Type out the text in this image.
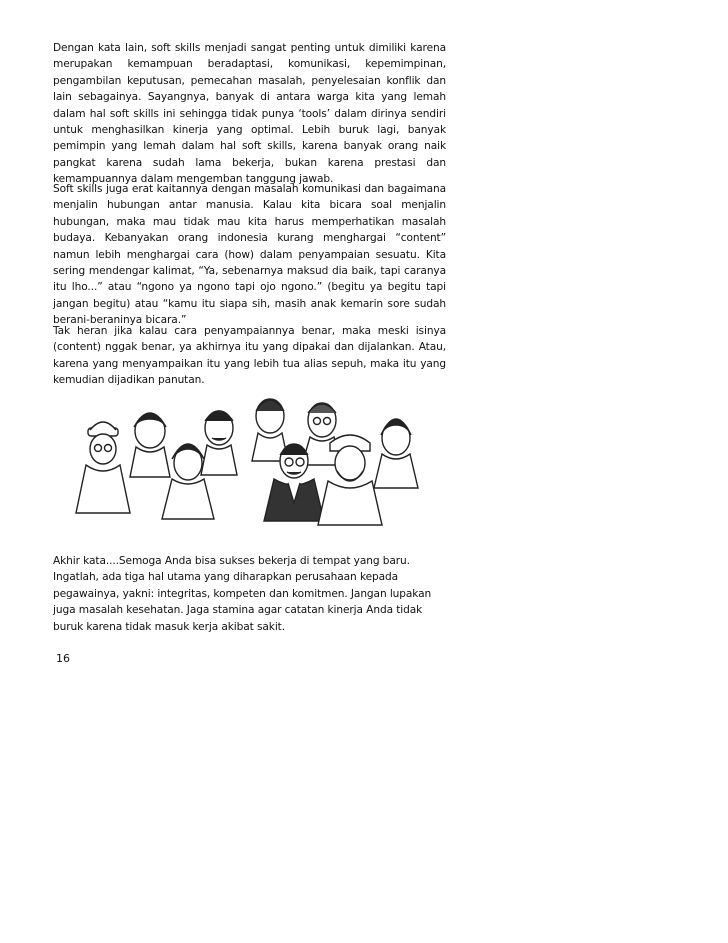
Dengan kata lain, soft skills menjadi sangat penting untuk dimiliki karena merupakan kemampuan beradaptasi, komunikasi, kepemimpinan, pengambilan keputusan, pemecahan masalah, penyelesaian konflik dan lain sebagainya. Sayangnya, banyak di antara warga kita yang lemah dalam hal soft skills ini sehingga tidak punya ‘tools’ dalam dirinya sendiri untuk menghasilkan kinerja yang optimal. Lebih buruk lagi, banyak pemimpin yang lemah dalam hal soft skills, karena banyak orang naik pangkat karena sudah lama bekerja, bukan karena prestasi dan kemampuannya dalam mengemban tanggung jawab.

Soft skills juga erat kaitannya dengan masalah komunikasi dan bagaimana menjalin hubungan antar manusia. Kalau kita bicara soal menjalin hubungan, maka mau tidak mau kita harus memperhatikan masalah budaya. Kebanyakan orang indonesia kurang menghargai “content” namun lebih menghargai cara (how) dalam penyampaian sesuatu. Kita sering mendengar kalimat, “Ya, sebenarnya maksud dia baik, tapi caranya itu lho...” atau “ngono ya ngono tapi ojo ngono.” (begitu ya begitu tapi jangan begitu) atau “kamu itu siapa sih, masih anak kemarin sore sudah berani-beraninya bicara.”

Tak heran jika kalau cara penyampaiannya benar, maka meski isinya (content) nggak benar, ya akhirnya itu yang dipakai dan dijalankan. Atau, karena yang menyampaikan itu yang lebih tua alias sepuh, maka itu yang kemudian dijadikan panutan.

Akhir kata....Semoga Anda bisa sukses bekerja di tempat yang baru. Ingatlah, ada tiga hal utama yang diharapkan perusahaan kepada pegawainya, yakni: integritas, kompeten dan komitmen. Jangan lupakan juga masalah kesehatan. Jaga stamina agar catatan kinerja Anda tidak buruk karena tidak masuk kerja akibat sakit.

16
